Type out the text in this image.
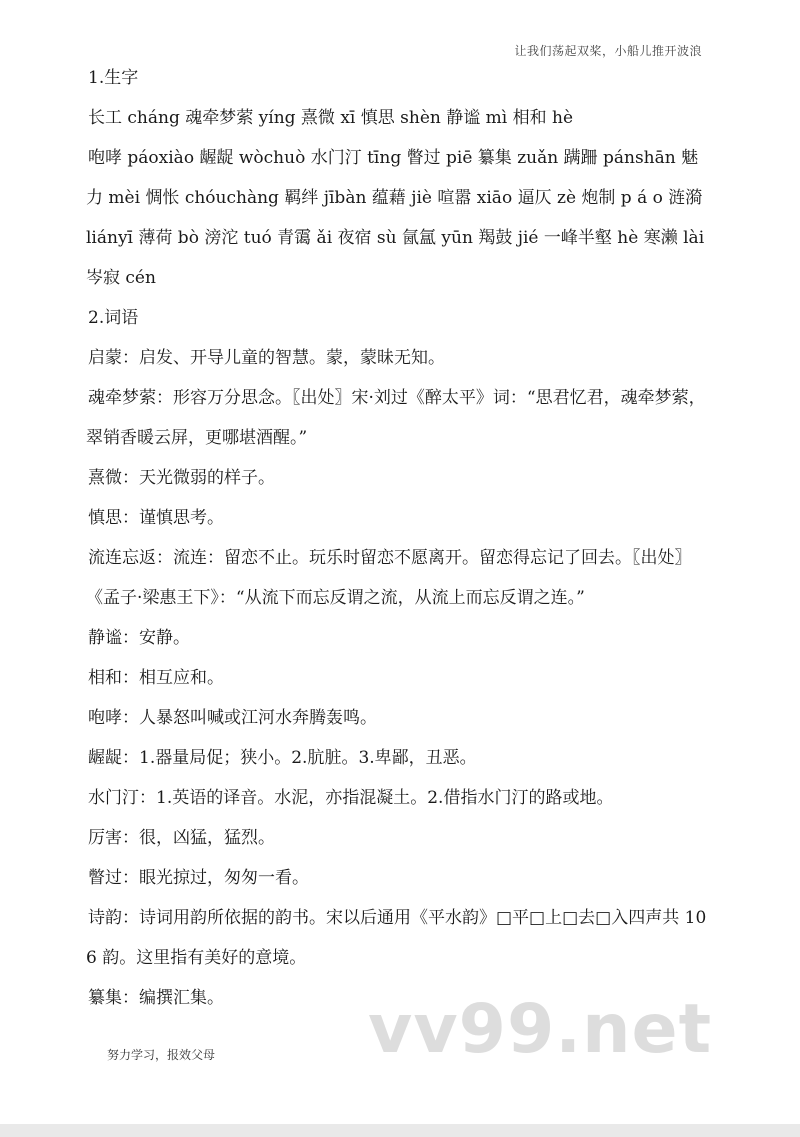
让我们荡起双桨，小船儿推开波浪

1.生字

长工 cháng 魂牵梦萦 yíng 熹微 xī 慎思 shèn 静谧 mì 相和 hè

咆哮 páoxiào 龌龊 wòchuò 水门汀 tīng 瞥过 piē 纂集 zuǎn 蹒跚 pánshān 魅力 mèi 惆怅 chóuchàng 羁绊 jībàn 蕴藉 jiè 喧嚣 xiāo 逼仄 zè 炮制 p á o 涟漪 liányī 薄荷 bò 滂沱 tuó 青霭 ǎi 夜宿 sù 氤氲 yūn 羯鼓 jié 一峰半壑 hè 寒濑 lài 岑寂 cén

2.词语

启蒙：启发、开导儿童的智慧。蒙，蒙昧无知。

魂牵梦萦：形容万分思念。〖出处〗宋·刘过《醉太平》词：“思君忆君，魂牵梦萦，翠销香暖云屏，更哪堪酒醒。”

熹微：天光微弱的样子。

慎思：谨慎思考。

流连忘返：流连：留恋不止。玩乐时留恋不愿离开。留恋得忘记了回去。〖出处〗《孟子·梁惠王下》：“从流下而忘反谓之流，从流上而忘反谓之连。”

静谧：安静。

相和：相互应和。

咆哮：人暴怒叫喊或江河水奔腾轰鸣。

龌龊：1.器量局促；狭小。2.肮脏。3.卑鄙，丑恶。

水门汀：1.英语的译音。水泥，亦指混凝土。2.借指水门汀的路或地。

厉害：很，凶猛，猛烈。

瞥过：眼光掠过，匆匆一看。

诗韵：诗词用韵所依据的韵书。宋以后通用《平水韵》□平□上□去□入四声共 106 韵。这里指有美好的意境。

纂集：编撰汇集。	vv99.net
努力学习，报效父母
